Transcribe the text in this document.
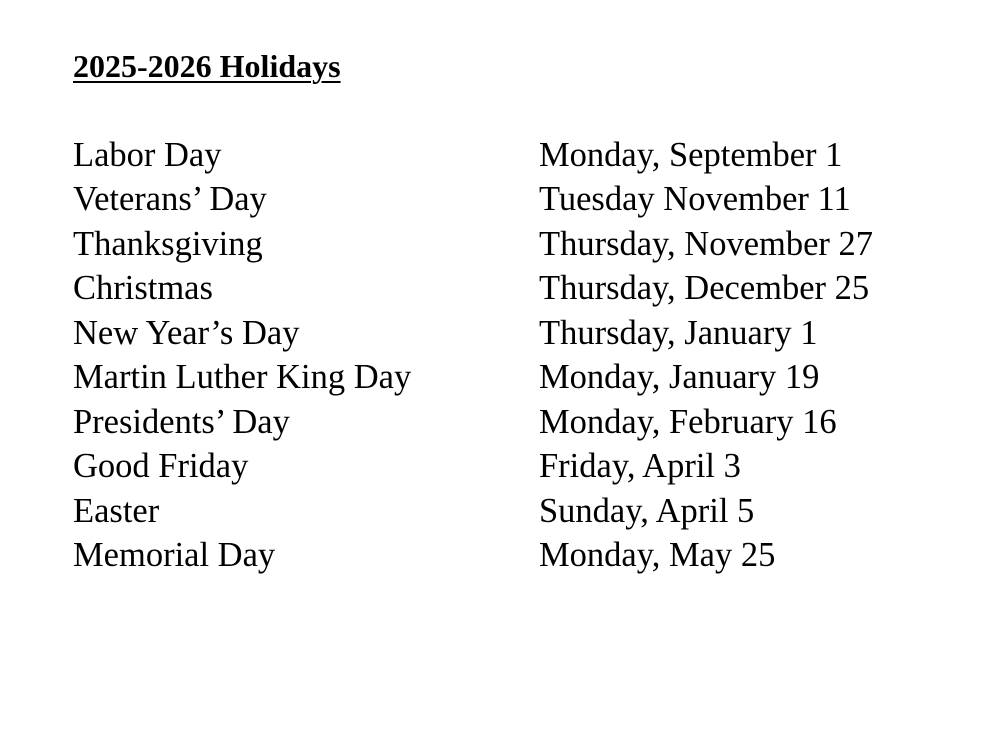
2025-2026 Holidays
Labor Day	Monday, September 1
Veterans’ Day	Tuesday November 11
Thanksgiving	Thursday, November 27
Christmas	Thursday, December 25
New Year’s Day	Thursday, January 1
Martin Luther King Day	Monday, January 19
Presidents’ Day	Monday, February 16
Good Friday	Friday, April 3
Easter	Sunday, April 5
Memorial Day	Monday, May 25
